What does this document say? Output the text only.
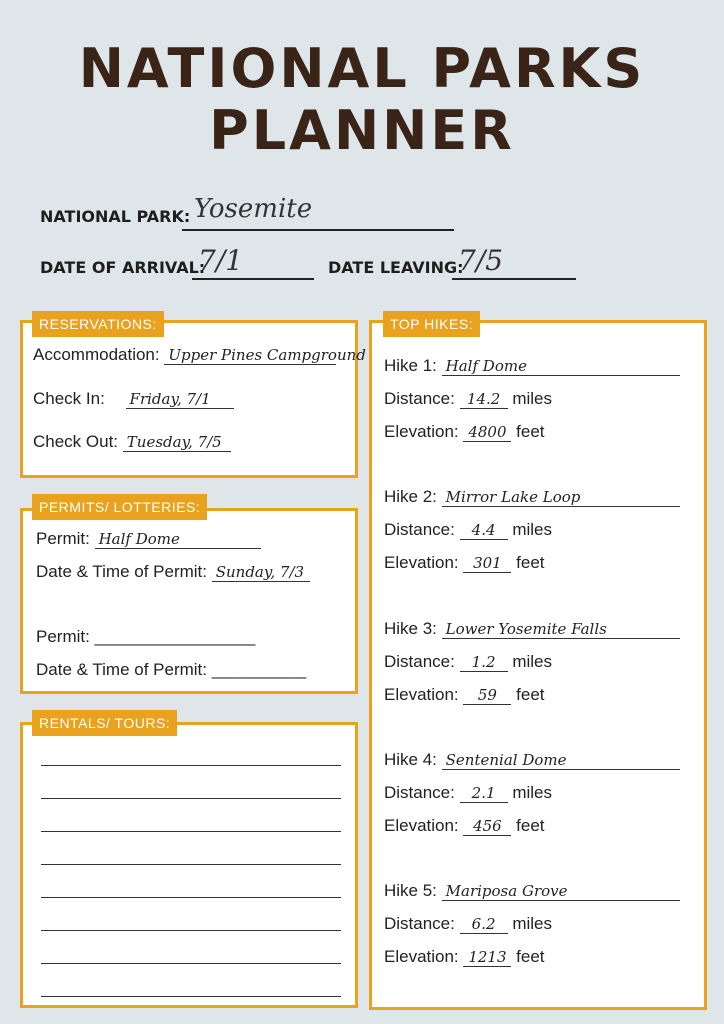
NATIONAL PARKS
PLANNER
NATIONAL PARK: Yosemite
DATE OF ARRIVAL:
7/1	DATE LEAVING:
7/5
Accommodation: Upper Pines Campground
Check In: Friday, 7/1
Check Out: Tuesday, 7/5
RESERVATIONS:
Permit: Half Dome
Date & Time of Permit: Sunday, 7/3
Permit: _________________
Date & Time of Permit: __________
PERMITS/ LOTTERIES:
RENTALS/ TOURS:
Hike 1: Half Dome
Distance: 14.2 miles
Elevation: 4800 feet
Hike 2: Mirror Lake Loop
Distance: 4.4 miles
Elevation: 301 feet
Hike 3: Lower Yosemite Falls
Distance: 1.2 miles
Elevation: 59 feet
Hike 4: Sentenial Dome
Distance: 2.1 miles
Elevation: 456 feet
Hike 5: Mariposa Grove
Distance: 6.2 miles
Elevation: 1213 feet
TOP HIKES:
